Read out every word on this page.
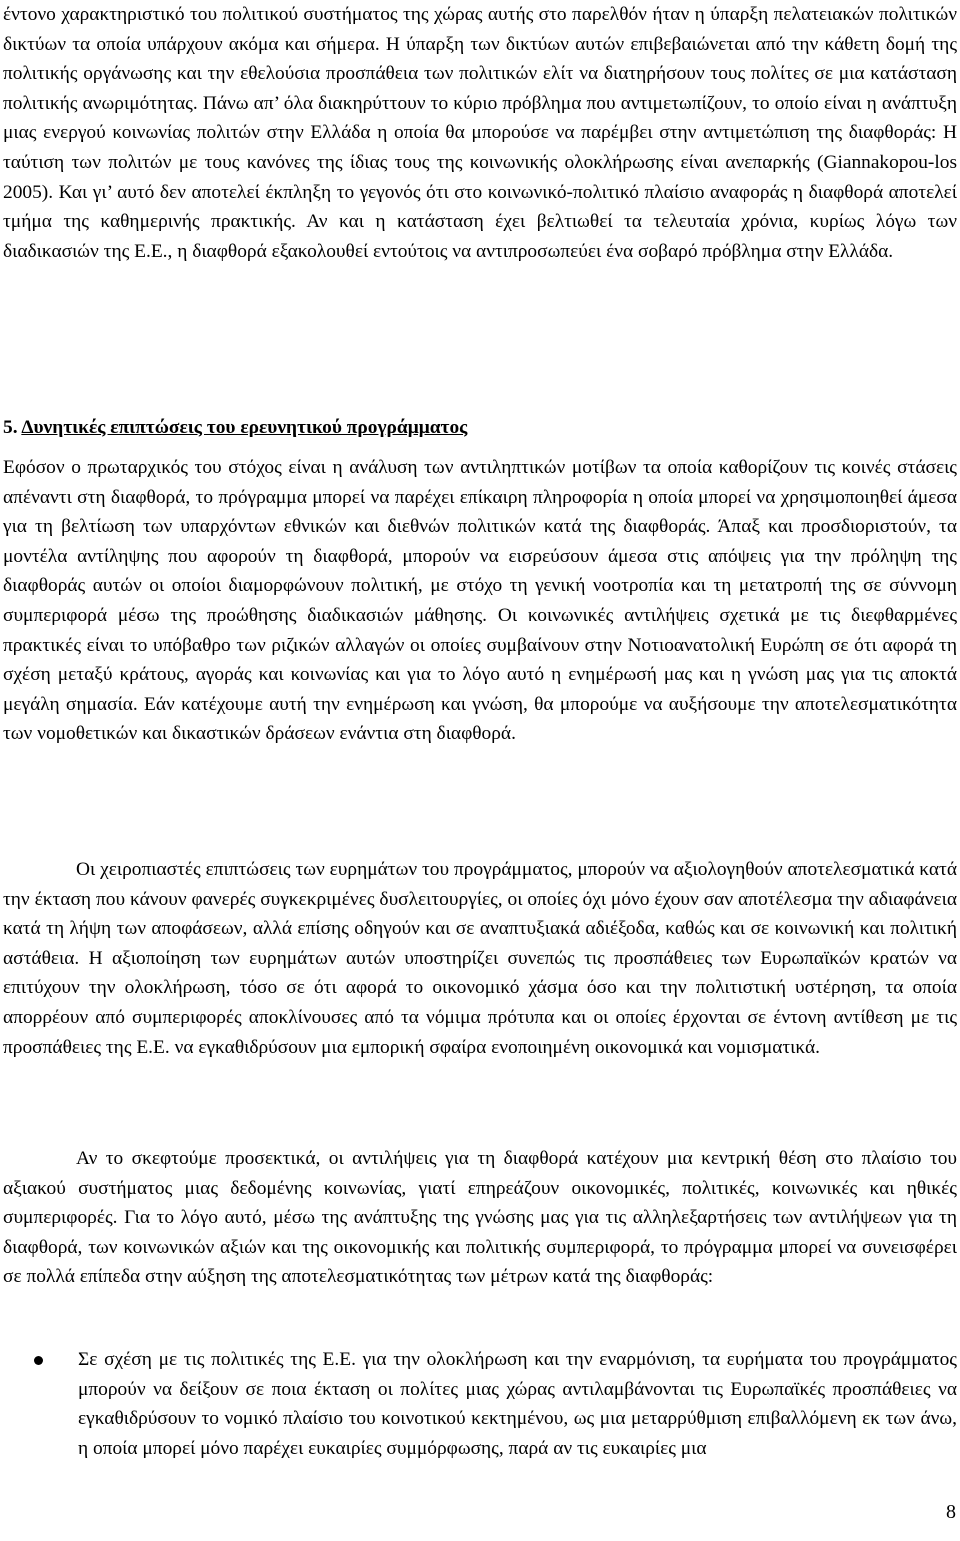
έντονο χαρακτηριστικό του πολιτικού συστήματος της χώρας αυτής στο παρελθόν ήταν η ύπαρξη πελατειακών πολιτικών δικτύων τα οποία υπάρχουν ακόμα και σήμερα. Η ύπαρξη των δικτύων αυτών επιβεβαιώνεται από την κάθετη δομή της πολιτικής οργάνωσης και την εθελούσια προσπάθεια των πολιτικών ελίτ να διατηρήσουν τους πολίτες σε μια κατάσταση πολιτικής ανωριμότητας. Πάνω απ’ όλα διακηρύττουν το κύριο πρόβλημα που αντιμετωπίζουν, το οποίο είναι η ανάπτυξη μιας ενεργού κοινωνίας πολιτών στην Ελλάδα η οποία θα μπορούσε να παρέμβει στην αντιμετώπιση της διαφθοράς: Η ταύτιση των πολιτών με τους κανόνες της ίδιας τους της κοινωνικής ολοκλήρωσης είναι ανεπαρκής (Giannakopou-los 2005). Και γι’ αυτό δεν αποτελεί έκπληξη το γεγονός ότι στο κοινωνικό-πολιτικό πλαίσιο αναφοράς η διαφθορά αποτελεί τμήμα της καθημερινής πρακτικής. Αν και η κατάσταση έχει βελτιωθεί τα τελευταία χρόνια, κυρίως λόγω των διαδικασιών της Ε.Ε., η διαφθορά εξακολουθεί εντούτοις να αντιπροσωπεύει ένα σοβαρό πρόβλημα στην Ελλάδα.

5. Δυνητικές επιπτώσεις του ερευνητικού προγράμματος

Εφόσον ο πρωταρχικός του στόχος είναι η ανάλυση των αντιληπτικών μοτίβων τα οποία καθορίζουν τις κοινές στάσεις απέναντι στη διαφθορά, το πρόγραμμα μπορεί να παρέχει επίκαιρη πληροφορία η οποία μπορεί να χρησιμοποιηθεί άμεσα για τη βελτίωση των υπαρχόντων εθνικών και διεθνών πολιτικών κατά της διαφθοράς. Άπαξ και προσδιοριστούν, τα μοντέλα αντίληψης που αφορούν τη διαφθορά, μπορούν να εισρεύσουν άμεσα στις απόψεις για την πρόληψη της διαφθοράς αυτών οι οποίοι διαμορφώνουν πολιτική, με στόχο τη γενική νοοτροπία και τη μετατροπή της σε σύννομη συμπεριφορά μέσω της προώθησης διαδικασιών μάθησης. Οι κοινωνικές αντιλήψεις σχετικά με τις διεφθαρμένες πρακτικές είναι το υπόβαθρο των ριζικών αλλαγών οι οποίες συμβαίνουν στην Νοτιοανατολική Ευρώπη σε ότι αφορά τη σχέση μεταξύ κράτους, αγοράς και κοινωνίας και για το λόγο αυτό η ενημέρωσή μας και η γνώση μας για τις αποκτά μεγάλη σημασία. Εάν κατέχουμε αυτή την ενημέρωση και γνώση, θα μπορούμε να αυξήσουμε την αποτελεσματικότητα των νομοθετικών και δικαστικών δράσεων ενάντια στη διαφθορά.

Οι χειροπιαστές επιπτώσεις των ευρημάτων του προγράμματος, μπορούν να αξιολογηθούν αποτελεσματικά κατά την έκταση που κάνουν φανερές συγκεκριμένες δυσλειτουργίες, οι οποίες όχι μόνο έχουν σαν αποτέλεσμα την αδιαφάνεια κατά τη λήψη των αποφάσεων, αλλά επίσης οδηγούν και σε αναπτυξιακά αδιέξοδα, καθώς και σε κοινωνική και πολιτική αστάθεια. Η αξιοποίηση των ευρημάτων αυτών υποστηρίζει συνεπώς τις προσπάθειες των Ευρωπαϊκών κρατών να επιτύχουν την ολοκλήρωση, τόσο σε ότι αφορά το οικονομικό χάσμα όσο και την πολιτιστική υστέρηση, τα οποία απορρέουν από συμπεριφορές αποκλίνουσες από τα νόμιμα πρότυπα και οι οποίες έρχονται σε έντονη αντίθεση με τις προσπάθειες της Ε.Ε. να εγκαθιδρύσουν μια εμπορική σφαίρα ενοποιημένη οικονομικά και νομισματικά.

Αν το σκεφτούμε προσεκτικά, οι αντιλήψεις για τη διαφθορά κατέχουν μια κεντρική θέση στο πλαίσιο του αξιακού συστήματος μιας δεδομένης κοινωνίας, γιατί επηρεάζουν οικονομικές, πολιτικές, κοινωνικές και ηθικές συμπεριφορές. Για το λόγο αυτό, μέσω της ανάπτυξης της γνώσης μας για τις αλληλεξαρτήσεις των αντιλήψεων για τη διαφθορά, των κοινωνικών αξιών και της οικονομικής και πολιτικής συμπεριφορά, το πρόγραμμα μπορεί να συνεισφέρει σε πολλά επίπεδα στην αύξηση της αποτελεσματικότητας των μέτρων κατά της διαφθοράς:

Σε σχέση με τις πολιτικές της Ε.Ε. για την ολοκλήρωση και την εναρμόνιση, τα ευρήματα του προγράμματος μπορούν να δείξουν σε ποια έκταση οι πολίτες μιας χώρας αντιλαμβάνονται τις Ευρωπαϊκές προσπάθειες να εγκαθιδρύσουν το νομικό πλαίσιο του κοινοτικού κεκτημένου, ως μια μεταρρύθμιση επιβαλλόμενη εκ των άνω, η οποία μπορεί μόνο παρέχει ευκαιρίες συμμόρφωσης, παρά αν τις ευκαιρίες μια

8
